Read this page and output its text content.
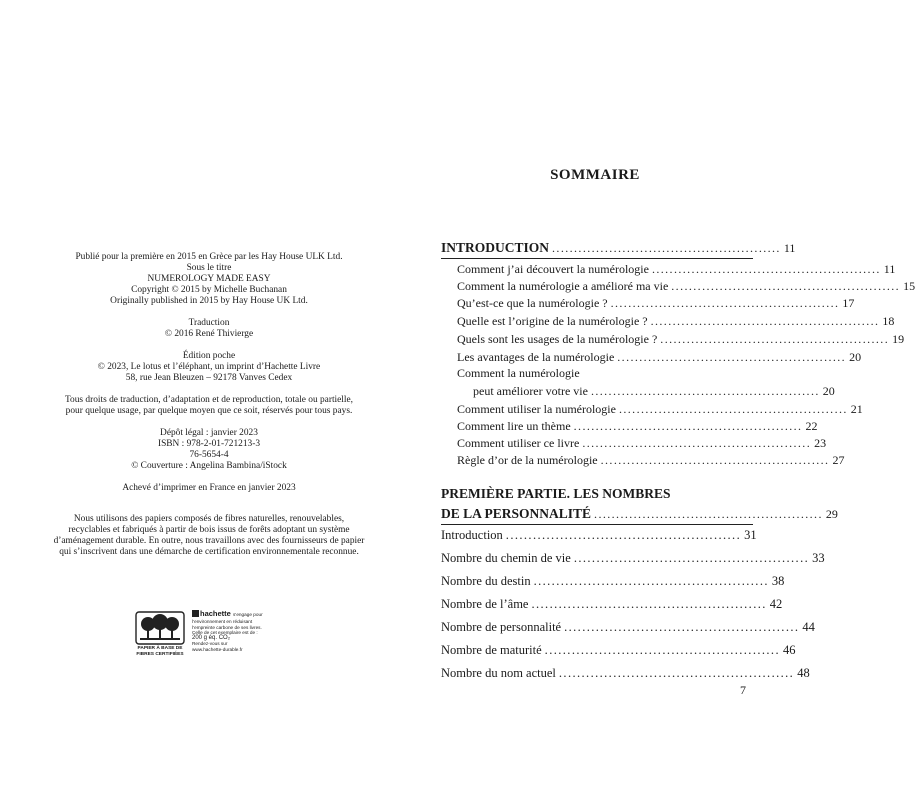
Publié pour la première en 2015 en Grèce par les Hay House ULK Ltd.

Sous le titre

NUMEROLOGY MADE EASY

Copyright © 2015 by Michelle Buchanan

Originally published in 2015 by Hay House UK Ltd.

Traduction

© 2016 René Thivierge

Édition poche

© 2023, Le lotus et l’éléphant, un imprint d’Hachette Livre

58, rue Jean Bleuzen – 92178 Vanves Cedex

Tous droits de traduction, d’adaptation et de reproduction, totale ou partielle,

pour quelque usage, par quelque moyen que ce soit, réservés pour tous pays.

Dépôt légal : janvier 2023

ISBN : 978-2-01-721213-3

76-5654-4

© Couverture : Angelina Bambina/iStock

Achevé d’imprimer en France en janvier 2023

Nous utilisons des papiers composés de fibres naturelles, renouvelables,

recyclables et fabriqués à partir de bois issus de forêts adoptant un système

d’aménagement durable. En outre, nous travaillons avec des fournisseurs de papier

qui s’inscrivent dans une démarche de certification environnementale reconnue.

PAPIER À BASE DE
FIBRES CERTIFIÉES
hachette s’engage pour
l’environnement en réduisant
l’empreinte carbone de ses livres.
Celle de cet exemplaire est de :
200 g éq. CO₂
Rendez-vous sur
www.hachette-durable.fr
SOMMAIRE
INTRODUCTION .................................................... 11
Comment j’ai découvert la numérologie .................................................... 11
Comment la numérologie a amélioré ma vie .................................................... 15
Qu’est-ce que la numérologie ? .................................................... 17
Quelle est l’origine de la numérologie ? .................................................... 18
Quels sont les usages de la numérologie ? .................................................... 19
Les avantages de la numérologie .................................................... 20
Comment la numérologie
peut améliorer votre vie .................................................... 20
Comment utiliser la numérologie .................................................... 21
Comment lire un thème .................................................... 22
Comment utiliser ce livre .................................................... 23
Règle d’or de la numérologie .................................................... 27
PREMIÈRE PARTIE. LES NOMBRES
DE LA PERSONNALITÉ .................................................... 29
Introduction .................................................... 31
Nombre du chemin de vie .................................................... 33
Nombre du destin .................................................... 38
Nombre de l’âme .................................................... 42
Nombre de personnalité .................................................... 44
Nombre de maturité .................................................... 46
Nombre du nom actuel .................................................... 48
7
